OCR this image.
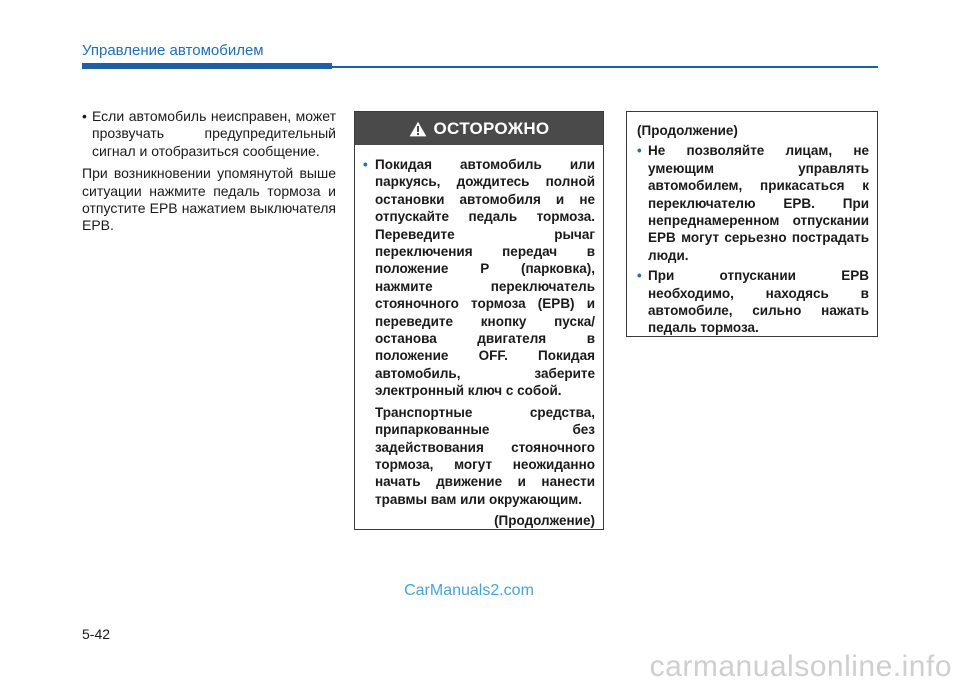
Управление автомобилем
• Если автомобиль неисправен, может прозвучать предупредительный сигнал и отобразиться сообщение.

При возникновении упомянутой выше ситуации нажмите педаль тормоза и отпустите EPB нажатием выключателя EPB.

ОСТОРОЖНО
• Покидая автомобиль или паркуясь, дождитесь полной остановки автомобиля и не отпускайте педаль тормоза. Переведите рычаг переключения передач в положение P (парковка), нажмите переключатель стояночного тормоза (EPB) и переведите кнопку пуска/останова двигателя в положение OFF. Покидая автомобиль, заберите электронный ключ с собой.

Транспортные средства, припаркованные без задействования стояночного тормоза, могут неожиданно начать движение и нанести травмы вам или окружающим.

(Продолжение)
(Продолжение)
• Не позволяйте лицам, не умеющим управлять автомобилем, прикасаться к переключателю EPB. При непреднамеренном отпускании EPB могут серьезно пострадать люди.
• При отпускании EPB необходимо, находясь в автомобиле, сильно нажать педаль тормоза.
CarManuals2.com
5-42
carmanualsonline.info
